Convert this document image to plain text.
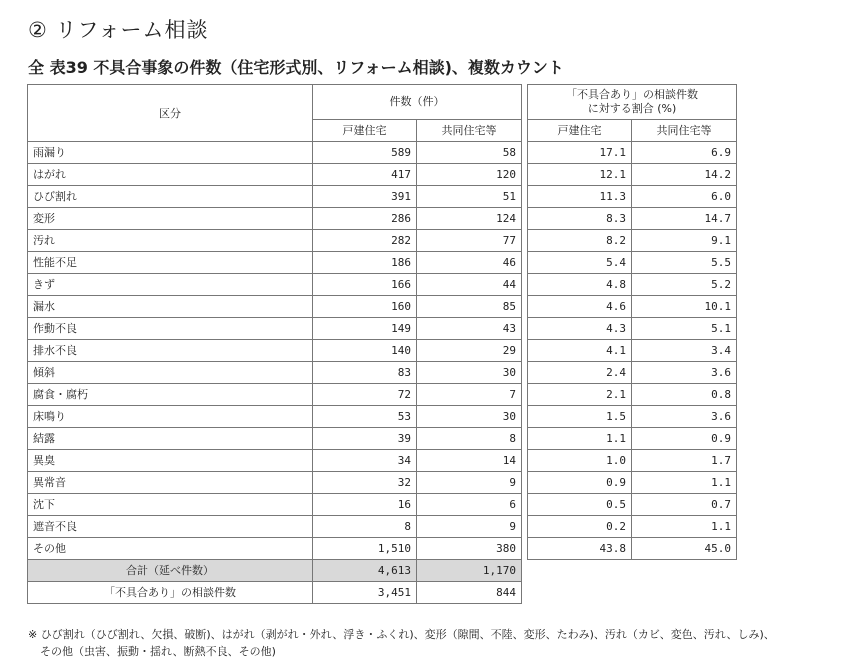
② リフォーム相談
全 表39 不具合事象の件数（住宅形式別、リフォーム相談)、複数カウント
区分	件数（件）			「不具合あり」の相談件数
に対する割合 (%)	

	戸建住宅	共同住宅等		戸建住宅	共同住宅等
雨漏り	589	58		17.1	6.9
はがれ	417	120		12.1	14.2
ひび割れ	391	51		11.3	6.0
変形	286	124		8.3	14.7
汚れ	282	77		8.2	9.1
性能不足	186	46		5.4	5.5
きず	166	44		4.8	5.2
漏水	160	85		4.6	10.1
作動不良	149	43		4.3	5.1
排水不良	140	29		4.1	3.4
傾斜	83	30		2.4	3.6
腐食・腐朽	72	7		2.1	0.8
床鳴り	53	30		1.5	3.6
結露	39	8		1.1	0.9
異臭	34	14		1.0	1.7
異常音	32	9		0.9	1.1
沈下	16	6		0.5	0.7
遮音不良	8	9		0.2	1.1
その他	1,510	380		43.8	45.0
合計（延べ件数）	4,613	1,170			
「不具合あり」の相談件数	3,451	844			
※ ひび割れ（ひび割れ、欠損、破断)、はがれ（剥がれ・外れ、浮き・ふくれ)、変形（隙間、不陸、変形、たわみ)、汚れ（カビ、変色、汚れ、しみ)、
その他（虫害、振動・揺れ、断熱不良、その他)
